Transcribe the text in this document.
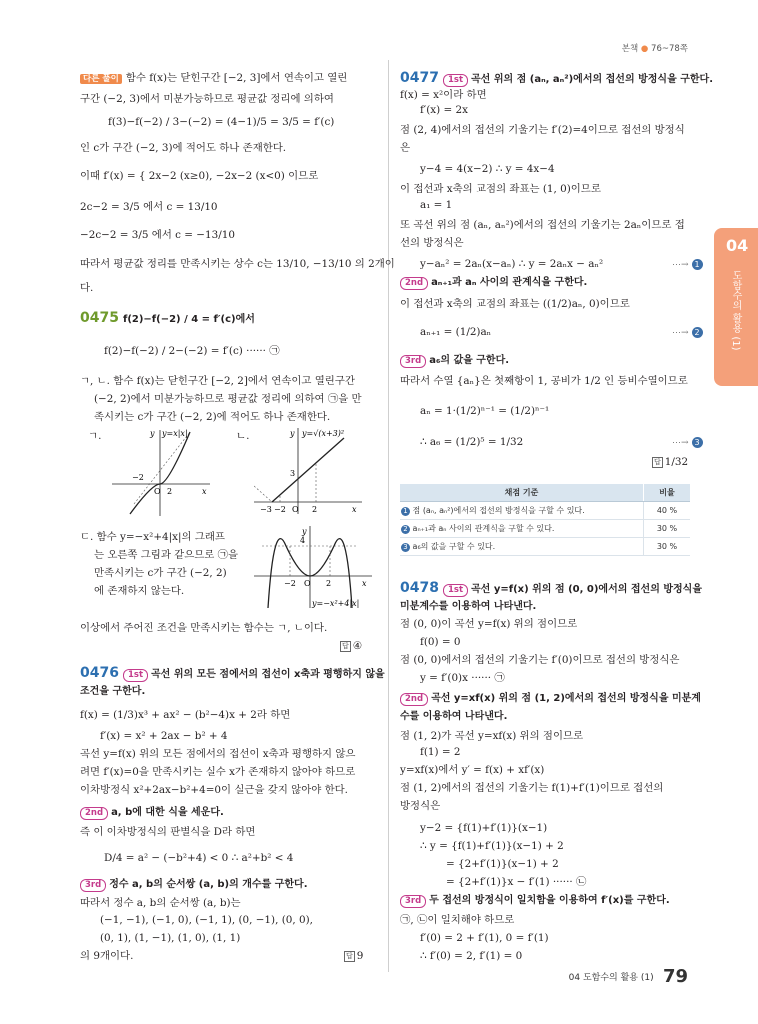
본책 ● 76~78쪽
04
도함수의 활용 (1)
다른 풀이 함수 f(x)는 닫힌구간 [−2, 3]에서 연속이고 열린
구간 (−2, 3)에서 미분가능하므로 평균값 정리에 의하여
f(3)−f(−2) / 3−(−2) = (4−1)/5 = 3/5 = f′(c)
인 c가 구간 (−2, 3)에 적어도 하나 존재한다.
이때 f′(x) = { 2x−2 (x≥0), −2x−2 (x<0) 이므로
2c−2 = 3/5 에서 c = 13/10
−2c−2 = 3/5 에서 c = −13/10
따라서 평균값 정리를 만족시키는 상수 c는 13/10, −13/10 의 2개이
다.
0475 f(2)−f(−2) / 4 = f′(c)에서
f(2)−f(−2) / 2−(−2) = f′(c) ······ ㉠
ㄱ, ㄴ. 함수 f(x)는 닫힌구간 [−2, 2]에서 연속이고 열린구간
(−2, 2)에서 미분가능하므로 평균값 정리에 의하여 ㉠을 만
족시키는 c가 구간 (−2, 2)에 적어도 하나 존재한다.
ㄷ. 함수 y=−x²+4|x|의 그래프
는 오른쪽 그림과 같으므로 ㉠을
만족시키는 c가 구간 (−2, 2)
에 존재하지 않는다.
이상에서 주어진 조건을 만족시키는 함수는 ㄱ, ㄴ이다.
답 ④
0476 1st 곡선 위의 모든 점에서의 접선이 x축과 평행하지 않을
조건을 구한다.
f(x) = (1/3)x³ + ax² − (b²−4)x + 2라 하면
f′(x) = x² + 2ax − b² + 4
곡선 y=f(x) 위의 모든 점에서의 접선이 x축과 평행하지 않으
려면 f′(x)=0을 만족시키는 실수 x가 존재하지 않아야 하므로
이차방정식 x²+2ax−b²+4=0이 실근을 갖지 않아야 한다.
2nd a, b에 대한 식을 세운다.
즉 이 이차방정식의 판별식을 D라 하면
D/4 = a² − (−b²+4) < 0 ∴ a²+b² < 4
3rd 정수 a, b의 순서쌍 (a, b)의 개수를 구한다.
따라서 정수 a, b의 순서쌍 (a, b)는
(−1, −1), (−1, 0), (−1, 1), (0, −1), (0, 0),
(0, 1), (1, −1), (1, 0), (1, 1)
의 9개이다.	답 9
0477 1st 곡선 위의 점 (aₙ, aₙ²)에서의 접선의 방정식을 구한다.
f(x) = x²이라 하면
f′(x) = 2x
점 (2, 4)에서의 접선의 기울기는 f′(2)=4이므로 접선의 방정식
은
y−4 = 4(x−2) ∴ y = 4x−4
이 접선과 x축의 교점의 좌표는 (1, 0)이므로
a₁ = 1
또 곡선 위의 점 (aₙ, aₙ²)에서의 접선의 기울기는 2aₙ이므로 접
선의 방정식은
y−aₙ² = 2aₙ(x−aₙ) ∴ y = 2aₙx − aₙ²	⋯→ 1
2nd aₙ₊₁과 aₙ 사이의 관계식을 구한다.
이 접선과 x축의 교점의 좌표는 ((1/2)aₙ, 0)이므로
aₙ₊₁ = (1/2)aₙ	⋯→ 2
3rd a₆의 값을 구한다.
따라서 수열 {aₙ}은 첫째항이 1, 공비가 1/2 인 등비수열이므로
aₙ = 1·(1/2)ⁿ⁻¹ = (1/2)ⁿ⁻¹
∴ a₆ = (1/2)⁵ = 1/32	⋯→ 3
답 1/32
0478 1st 곡선 y=f(x) 위의 점 (0, 0)에서의 접선의 방정식을
미분계수를 이용하여 나타낸다.
점 (0, 0)이 곡선 y=f(x) 위의 점이므로
f(0) = 0
점 (0, 0)에서의 접선의 기울기는 f′(0)이므로 접선의 방정식은
y = f′(0)x ······ ㉠
2nd 곡선 y=xf(x) 위의 점 (1, 2)에서의 접선의 방정식을 미분계
수를 이용하여 나타낸다.
점 (1, 2)가 곡선 y=xf(x) 위의 점이므로
f(1) = 2
y=xf(x)에서 y′ = f(x) + xf′(x)
점 (1, 2)에서의 접선의 기울기는 f(1)+f′(1)이므로 접선의
방정식은
y−2 = {f(1)+f′(1)}(x−1)
∴ y = {f(1)+f′(1)}(x−1) + 2
= {2+f′(1)}(x−1) + 2
= {2+f′(1)}x − f′(1) ······ ㉡
3rd 두 접선의 방정식이 일치함을 이용하여 f′(x)를 구한다.
㉠, ㉡이 일치해야 하므로
f′(0) = 2 + f′(1), 0 = f′(1)
∴ f′(0) = 2, f′(1) = 0
ㄱ.	y=x|x|
y
−2
O 2	x
ㄴ.	y=√(x+3)²
y
3
−3 −2 O 2	x
y
4
−2 O 2	x
y=−x²+4|x|
채점 기준	비율
1 점 (aₙ, aₙ²)에서의 접선의 방정식을 구할 수 있다.	40 %
2 aₙ₊₁과 aₙ 사이의 관계식을 구할 수 있다.	30 %
3 a₆의 값을 구할 수 있다.	30 %
04 도함수의 활용 (1) 79
